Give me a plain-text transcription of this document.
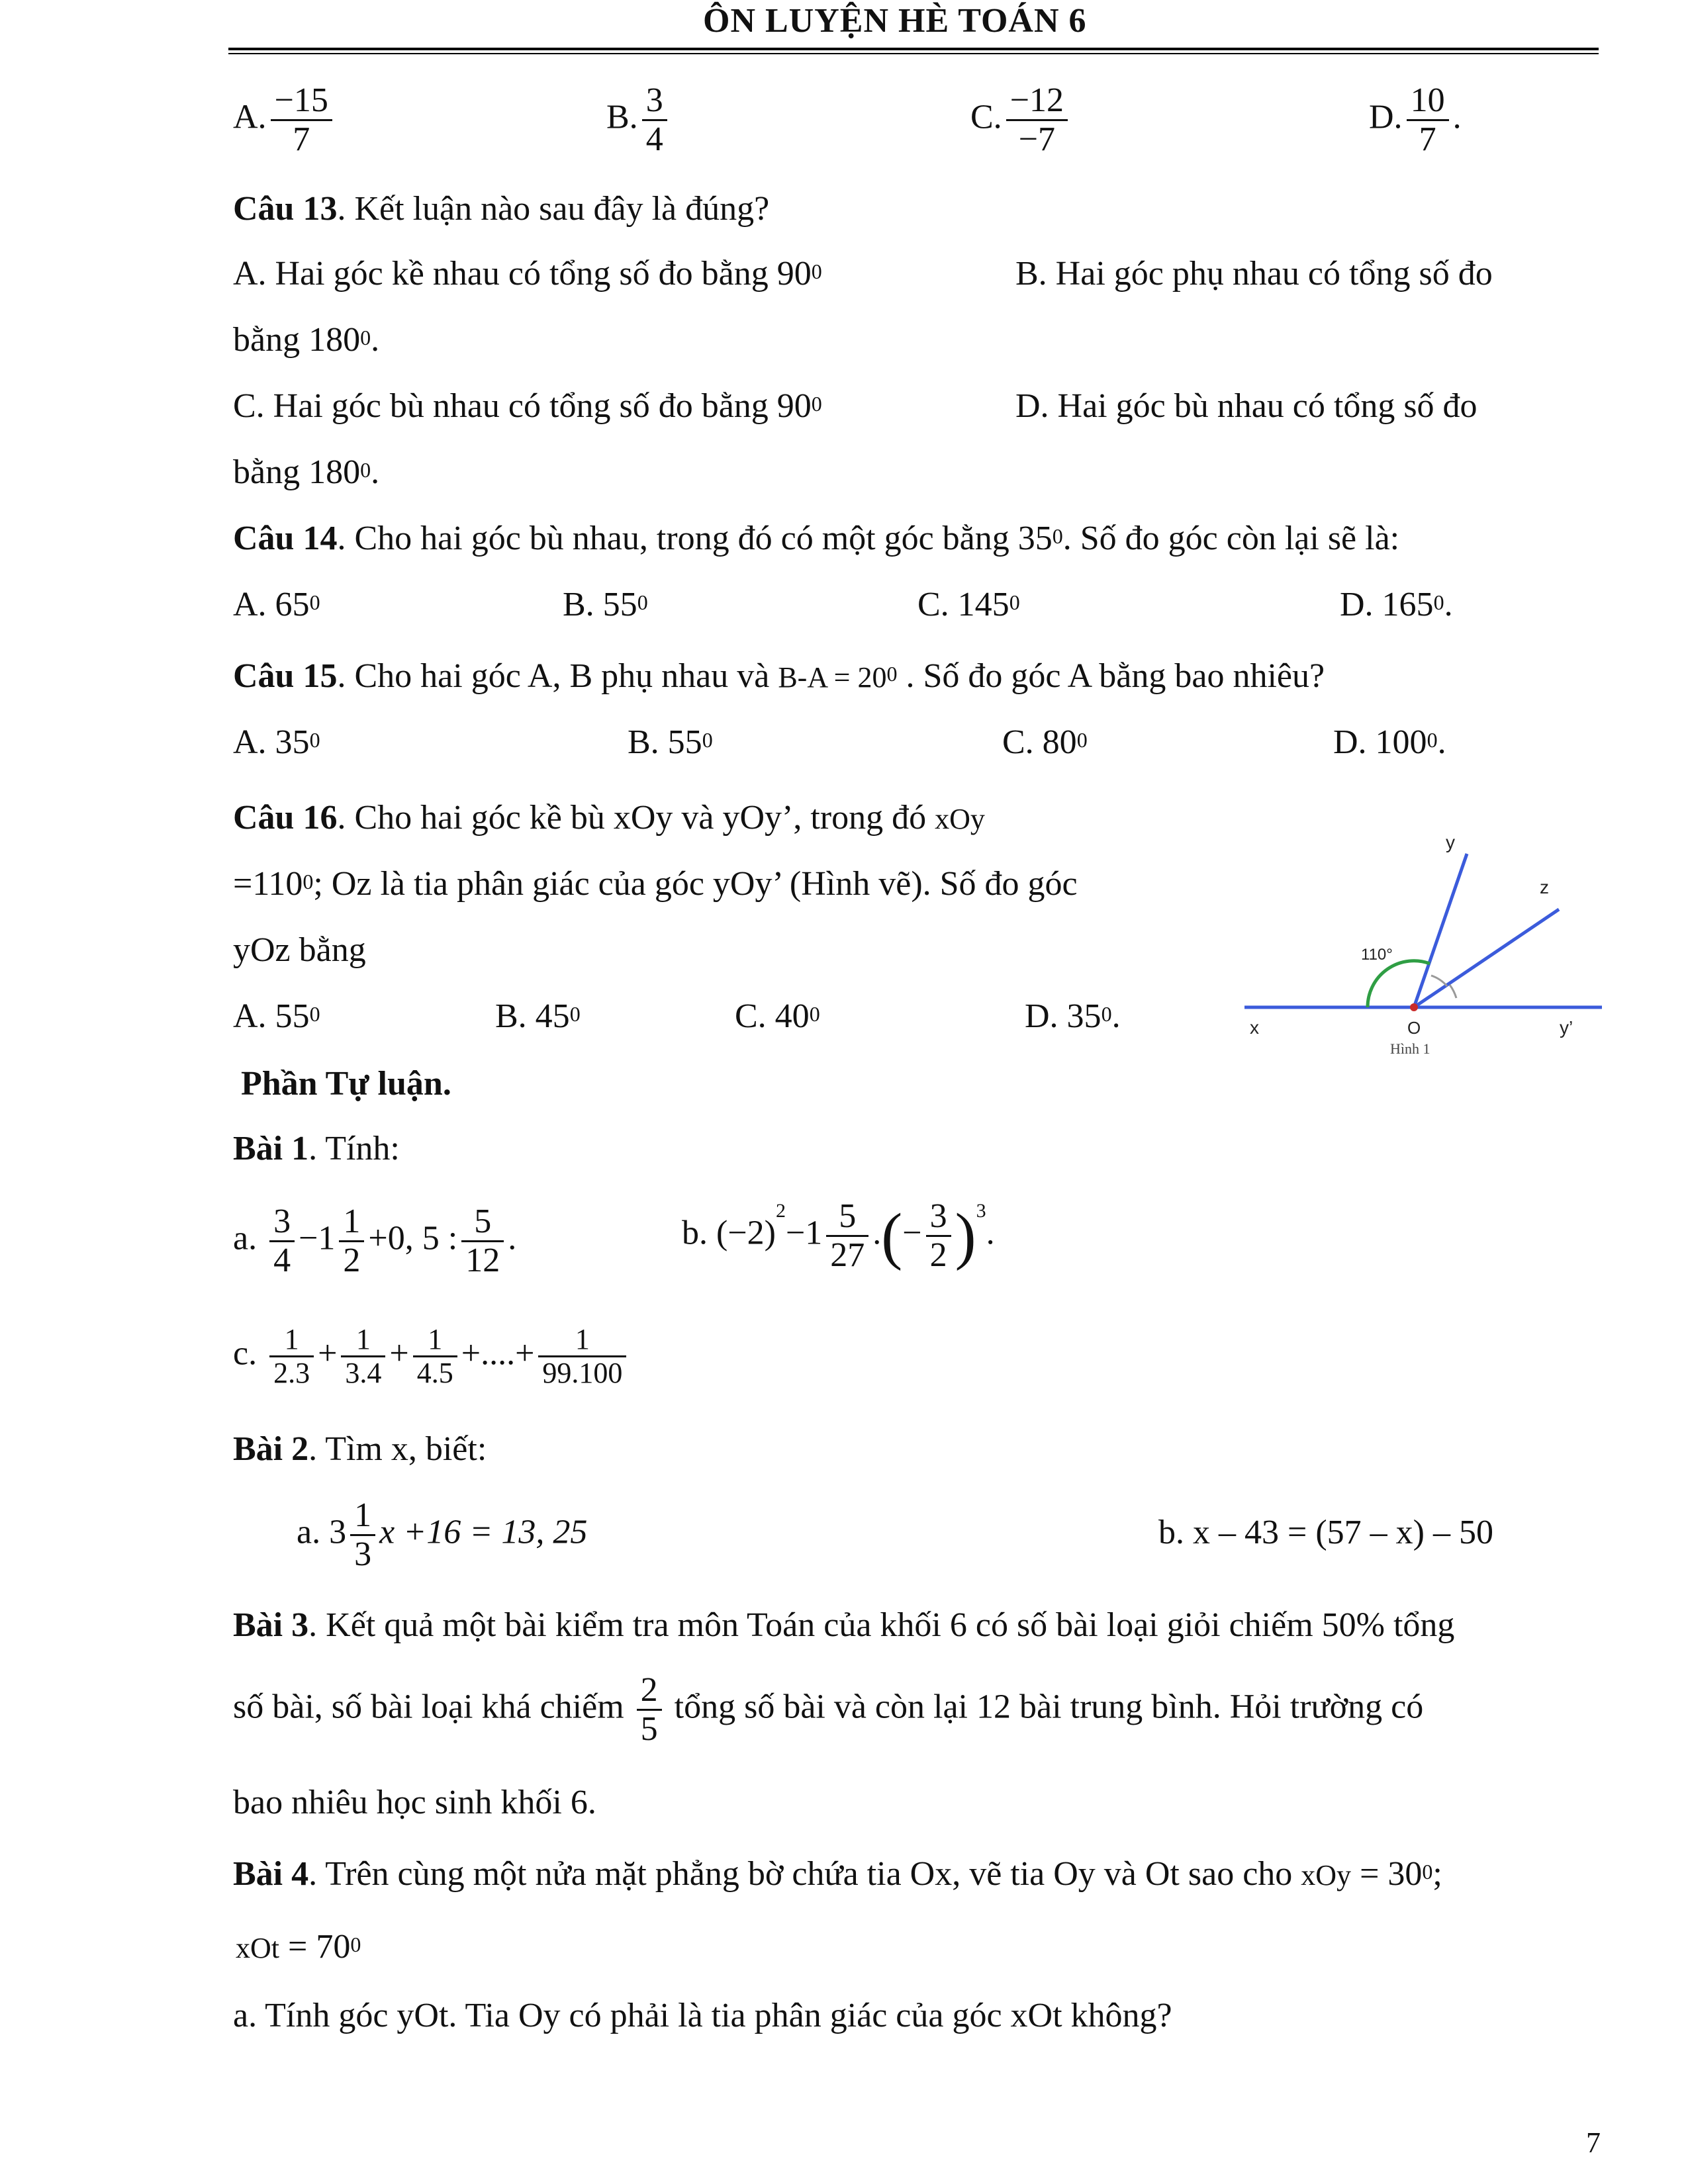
ÔN LUYỆN HÈ TOÁN 6
A. $\frac{-15}{7}$	B. $\frac{3}{4}$	C. $\frac{-12}{-7}$	D. $\frac{10}{7}$ .
Câu 13. Kết luận nào sau đây là đúng?
A. Hai góc kề nhau có tổng số đo bằng $90^0$	B. Hai góc phụ nhau có tổng số đo
bằng $180^0$.
C. Hai góc bù nhau có tổng số đo bằng $90^0$	D. Hai góc bù nhau có tổng số đo
bằng $180^0$.
Câu 14. Cho hai góc bù nhau, trong đó có một góc bằng $35^0$. Số đo góc còn lại sẽ là:
A. $65^0$	B. $55^0$	C. $145^0$	D. $165^0$.
Câu 15. Cho hai góc A, B phụ nhau và $B-A = 20^0$ . Số đo góc A bằng bao nhiêu?
A. $35^0$	B. $55^0$	C. $80^0$	D. $100^0$.
Câu 16. Cho hai góc kề bù xOy và yOy’, trong đó xOy
$=110^0$; Oz là tia phân giác của góc yOy’ (Hình vẽ). Số đo góc
yOz bằng
A. $55^0$	B. $45^0$	C. $40^0$	D. $35^0$.
y
z
110°
x	O	y’
Hình 1
Phần Tự luận.
Bài 1. Tính:
a. $\frac{3}{4} -1 \frac{1}{2} +0$, 5 : $\frac{5}{12}$ .	b. $(-2)^2-1 \frac{5}{27}$ .(− $\frac{3}{2} )^3$.
c. $\frac{1}{2.3} + \frac{1}{3.4} + \frac{1}{4.5}$ +....+ $\frac{1}{99.100}$
Bài 2. Tìm x, biết:
a. $3 \frac{1}{3}$ x +16 = 13, 25	b. x – 43 = (57 – x) – 50
Bài 3. Kết quả một bài kiểm tra môn Toán của khối 6 có số bài loại giỏi chiếm 50% tổng
số bài, số bài loại khá chiếm $\frac{2}{5}$ tổng số bài và còn lại 12 bài trung bình. Hỏi trường có
bao nhiêu học sinh khối 6.
Bài 4. Trên cùng một nửa mặt phẳng bờ chứa tia Ox, vẽ tia Oy và Ot sao cho xOy = $30^0$;
xOt = $70^0$
a. Tính góc yOt. Tia Oy có phải là tia phân giác của góc xOt không?
7
